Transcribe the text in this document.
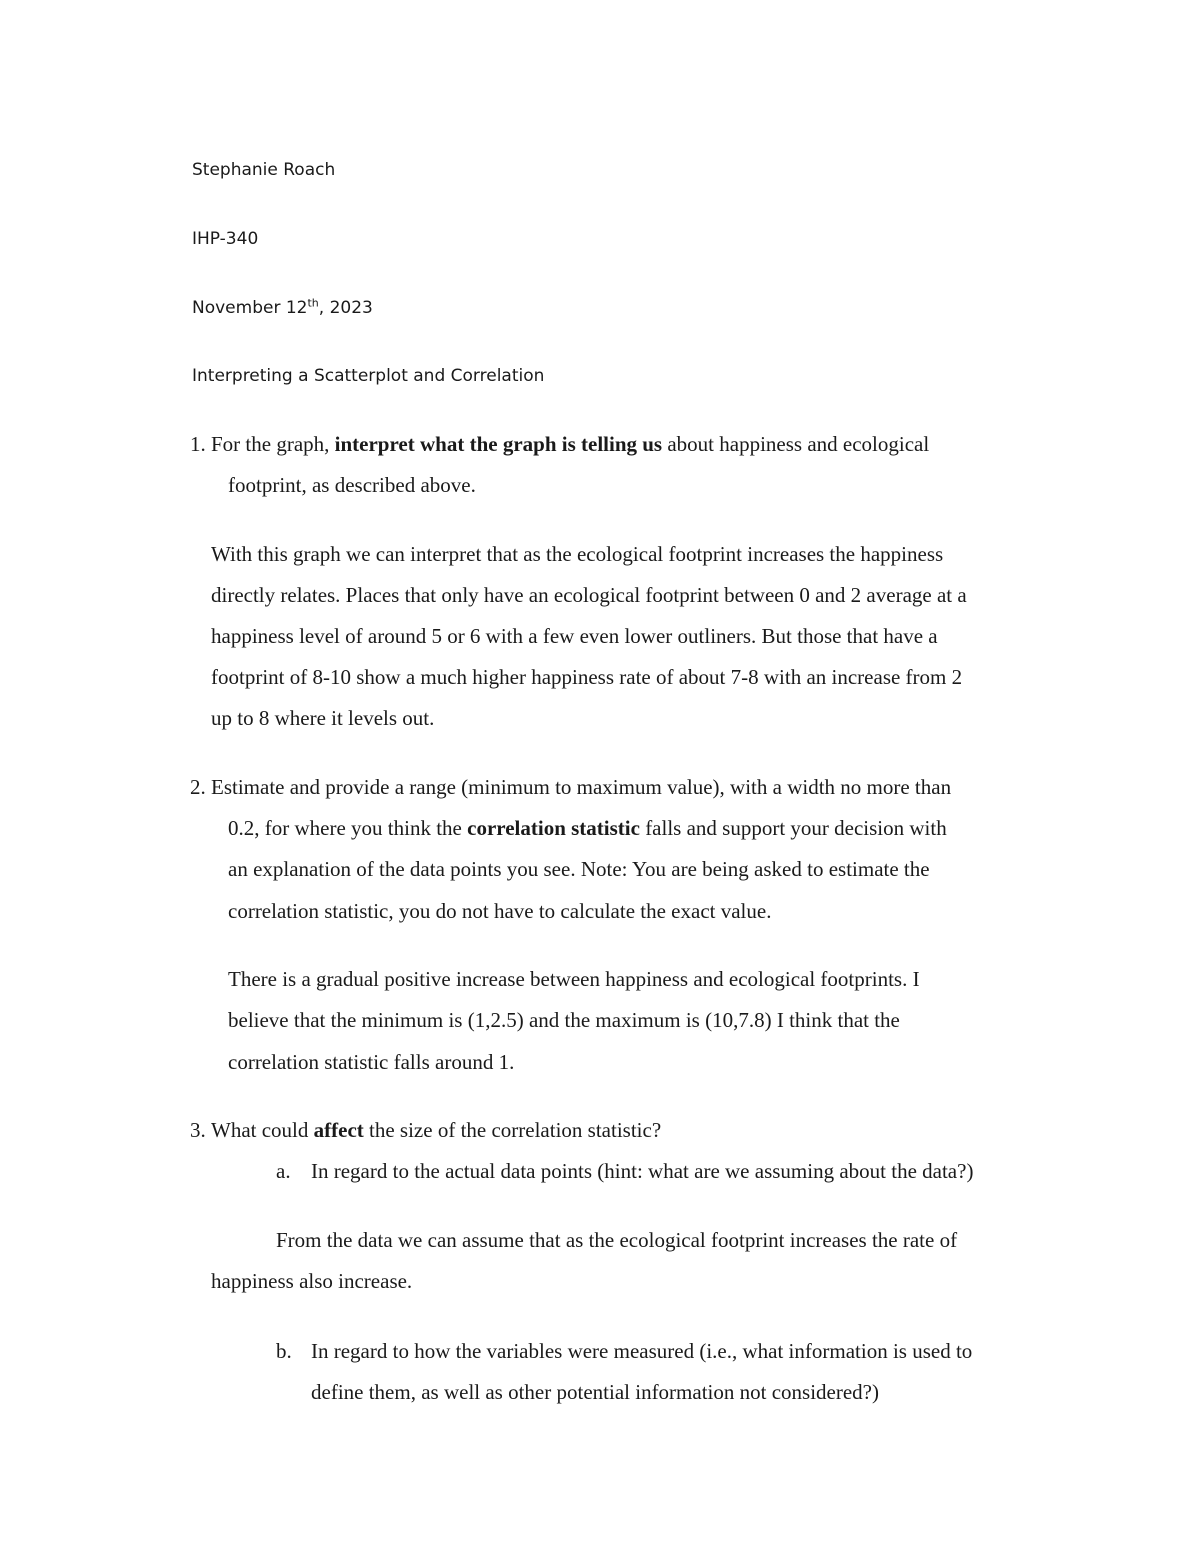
Stephanie Roach
IHP-340
November 12th, 2023
Interpreting a Scatterplot and Correlation
1. For the graph, interpret what the graph is telling us about happiness and ecological
footprint, as described above.
With this graph we can interpret that as the ecological footprint increases the happiness
directly relates. Places that only have an ecological footprint between 0 and 2 average at a
happiness level of around 5 or 6 with a few even lower outliners. But those that have a
footprint of 8-10 show a much higher happiness rate of about 7-8 with an increase from 2
up to 8 where it levels out.
2. Estimate and provide a range (minimum to maximum value), with a width no more than
0.2, for where you think the correlation statistic falls and support your decision with
an explanation of the data points you see. Note: You are being asked to estimate the
correlation statistic, you do not have to calculate the exact value.
There is a gradual positive increase between happiness and ecological footprints. I
believe that the minimum is (1,2.5) and the maximum is (10,7.8) I think that the
correlation statistic falls around 1.
3. What could affect the size of the correlation statistic?
a. In regard to the actual data points (hint: what are we assuming about the data?)
From the data we can assume that as the ecological footprint increases the rate of
happiness also increase.
b. In regard to how the variables were measured (i.e., what information is used to
define them, as well as other potential information not considered?)
